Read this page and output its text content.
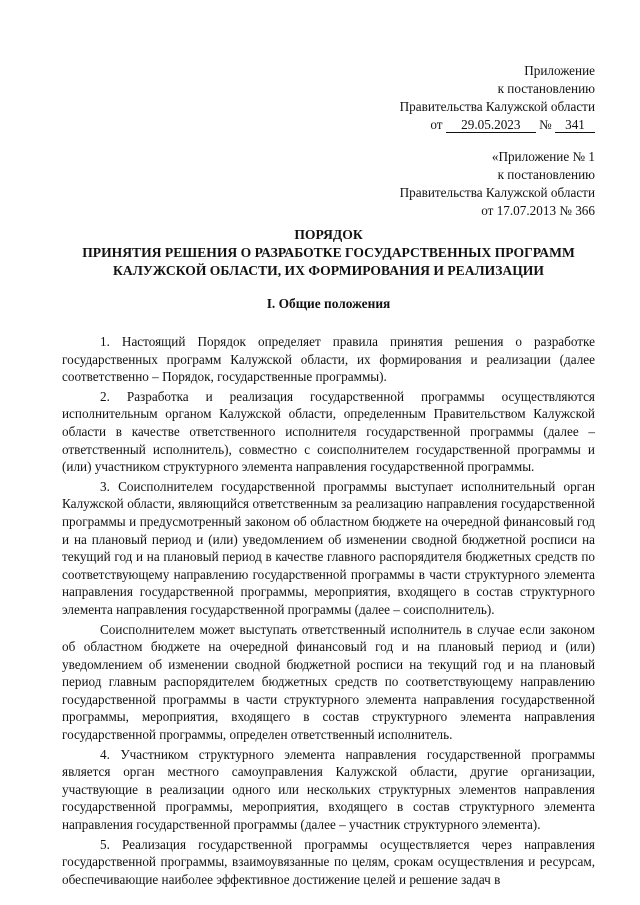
Приложение
к постановлению
Правительства Калужской области
от 29.05.2023 № 341
«Приложение № 1
к постановлению
Правительства Калужской области
от 17.07.2013 № 366
ПОРЯДОК
ПРИНЯТИЯ РЕШЕНИЯ О РАЗРАБОТКЕ ГОСУДАРСТВЕННЫХ ПРОГРАММ
КАЛУЖСКОЙ ОБЛАСТИ, ИХ ФОРМИРОВАНИЯ И РЕАЛИЗАЦИИ
I. Общие положения

1. Настоящий Порядок определяет правила принятия решения о разработке государственных программ Калужской области, их формирования и реализации (далее соответственно – Порядок, государственные программы).

2. Разработка и реализация государственной программы осуществляются исполнительным органом Калужской области, определенным Правительством Калужской области в качестве ответственного исполнителя государственной программы (далее – ответственный исполнитель), совместно с соисполнителем государственной программы и (или) участником структурного элемента направления государственной программы.

3. Соисполнителем государственной программы выступает исполнительный орган Калужской области, являющийся ответственным за реализацию направления государственной программы и предусмотренный законом об областном бюджете на очередной финансовый год и на плановый период и (или) уведомлением об изменении сводной бюджетной росписи на текущий год и на плановый период в качестве главного распорядителя бюджетных средств по соответствующему направлению государственной программы в части структурного элемента направления государственной программы, мероприятия, входящего в состав структурного элемента направления государственной программы (далее – соисполнитель).

Соисполнителем может выступать ответственный исполнитель в случае если законом об областном бюджете на очередной финансовый год и на плановый период и (или) уведомлением об изменении сводной бюджетной росписи на текущий год и на плановый период главным распорядителем бюджетных средств по соответствующему направлению государственной программы в части структурного элемента направления государственной программы, мероприятия, входящего в состав структурного элемента направления государственной программы, определен ответственный исполнитель.

4. Участником структурного элемента направления государственной программы является орган местного самоуправления Калужской области, другие организации, участвующие в реализации одного или нескольких структурных элементов направления государственной программы, мероприятия, входящего в состав структурного элемента направления государственной программы (далее – участник структурного элемента).

5. Реализация государственной программы осуществляется через направления государственной программы, взаимоувязанные по целям, срокам осуществления и ресурсам, обеспечивающие наиболее эффективное достижение целей и решение задач в
